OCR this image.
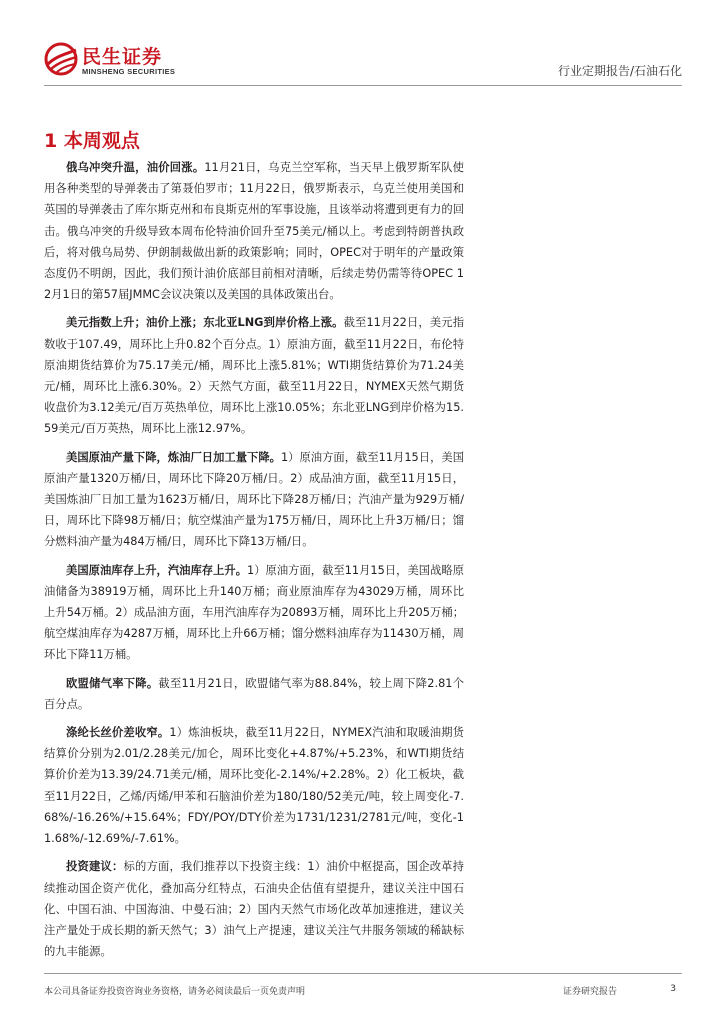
民生证券
MINSHENG SECURITIES	行业定期报告/石油石化
1 本周观点

俄乌冲突升温，油价回涨。11月21日，乌克兰空军称，当天早上俄罗斯军队使用各种类型的导弹袭击了第聂伯罗市；11月22日，俄罗斯表示，乌克兰使用美国和英国的导弹袭击了库尔斯克州和布良斯克州的军事设施，且该举动将遭到更有力的回击。俄乌冲突的升级导致本周布伦特油价回升至75美元/桶以上。考虑到特朗普执政后，将对俄乌局势、伊朗制裁做出新的政策影响；同时，OPEC对于明年的产量政策态度仍不明朗，因此，我们预计油价底部目前相对清晰，后续走势仍需等待OPEC 12月1日的第57届JMMC会议决策以及美国的具体政策出台。

美元指数上升；油价上涨；东北亚LNG到岸价格上涨。截至11月22日，美元指数收于107.49，周环比上升0.82个百分点。1）原油方面，截至11月22日，布伦特原油期货结算价为75.17美元/桶，周环比上涨5.81%；WTI期货结算价为71.24美元/桶，周环比上涨6.30%。2）天然气方面，截至11月22日，NYMEX天然气期货收盘价为3.12美元/百万英热单位，周环比上涨10.05%；东北亚LNG到岸价格为15.59美元/百万英热，周环比上涨12.97%。

美国原油产量下降，炼油厂日加工量下降。1）原油方面，截至11月15日，美国原油产量1320万桶/日，周环比下降20万桶/日。2）成品油方面，截至11月15日，美国炼油厂日加工量为1623万桶/日，周环比下降28万桶/日；汽油产量为929万桶/日，周环比下降98万桶/日；航空煤油产量为175万桶/日，周环比上升3万桶/日；馏分燃料油产量为484万桶/日，周环比下降13万桶/日。

美国原油库存上升，汽油库存上升。1）原油方面，截至11月15日，美国战略原油储备为38919万桶，周环比上升140万桶；商业原油库存为43029万桶，周环比上升54万桶。2）成品油方面，车用汽油库存为20893万桶，周环比上升205万桶；航空煤油库存为4287万桶，周环比上升66万桶；馏分燃料油库存为11430万桶，周环比下降11万桶。

欧盟储气率下降。截至11月21日，欧盟储气率为88.84%，较上周下降2.81个百分点。

涤纶长丝价差收窄。1）炼油板块，截至11月22日，NYMEX汽油和取暖油期货结算价分别为2.01/2.28美元/加仑，周环比变化+4.87%/+5.23%，和WTI期货结算价价差为13.39/24.71美元/桶，周环比变化-2.14%/+2.28%。2）化工板块，截至11月22日，乙烯/丙烯/甲苯和石脑油价差为180/180/52美元/吨，较上周变化-7.68%/-16.26%/+15.64%；FDY/POY/DTY价差为1731/1231/2781元/吨，变化-11.68%/-12.69%/-7.61%。

投资建议：标的方面，我们推荐以下投资主线：1）油价中枢提高，国企改革持续推动国企资产优化，叠加高分红特点，石油央企估值有望提升，建议关注中国石化、中国石油、中国海油、中曼石油；2）国内天然气市场化改革加速推进，建议关注产量处于成长期的新天然气；3）油气上产提速，建议关注气井服务领域的稀缺标的九丰能源。

本公司具备证券投资咨询业务资格，请务必阅读最后一页免责声明	证券研究报告	3
